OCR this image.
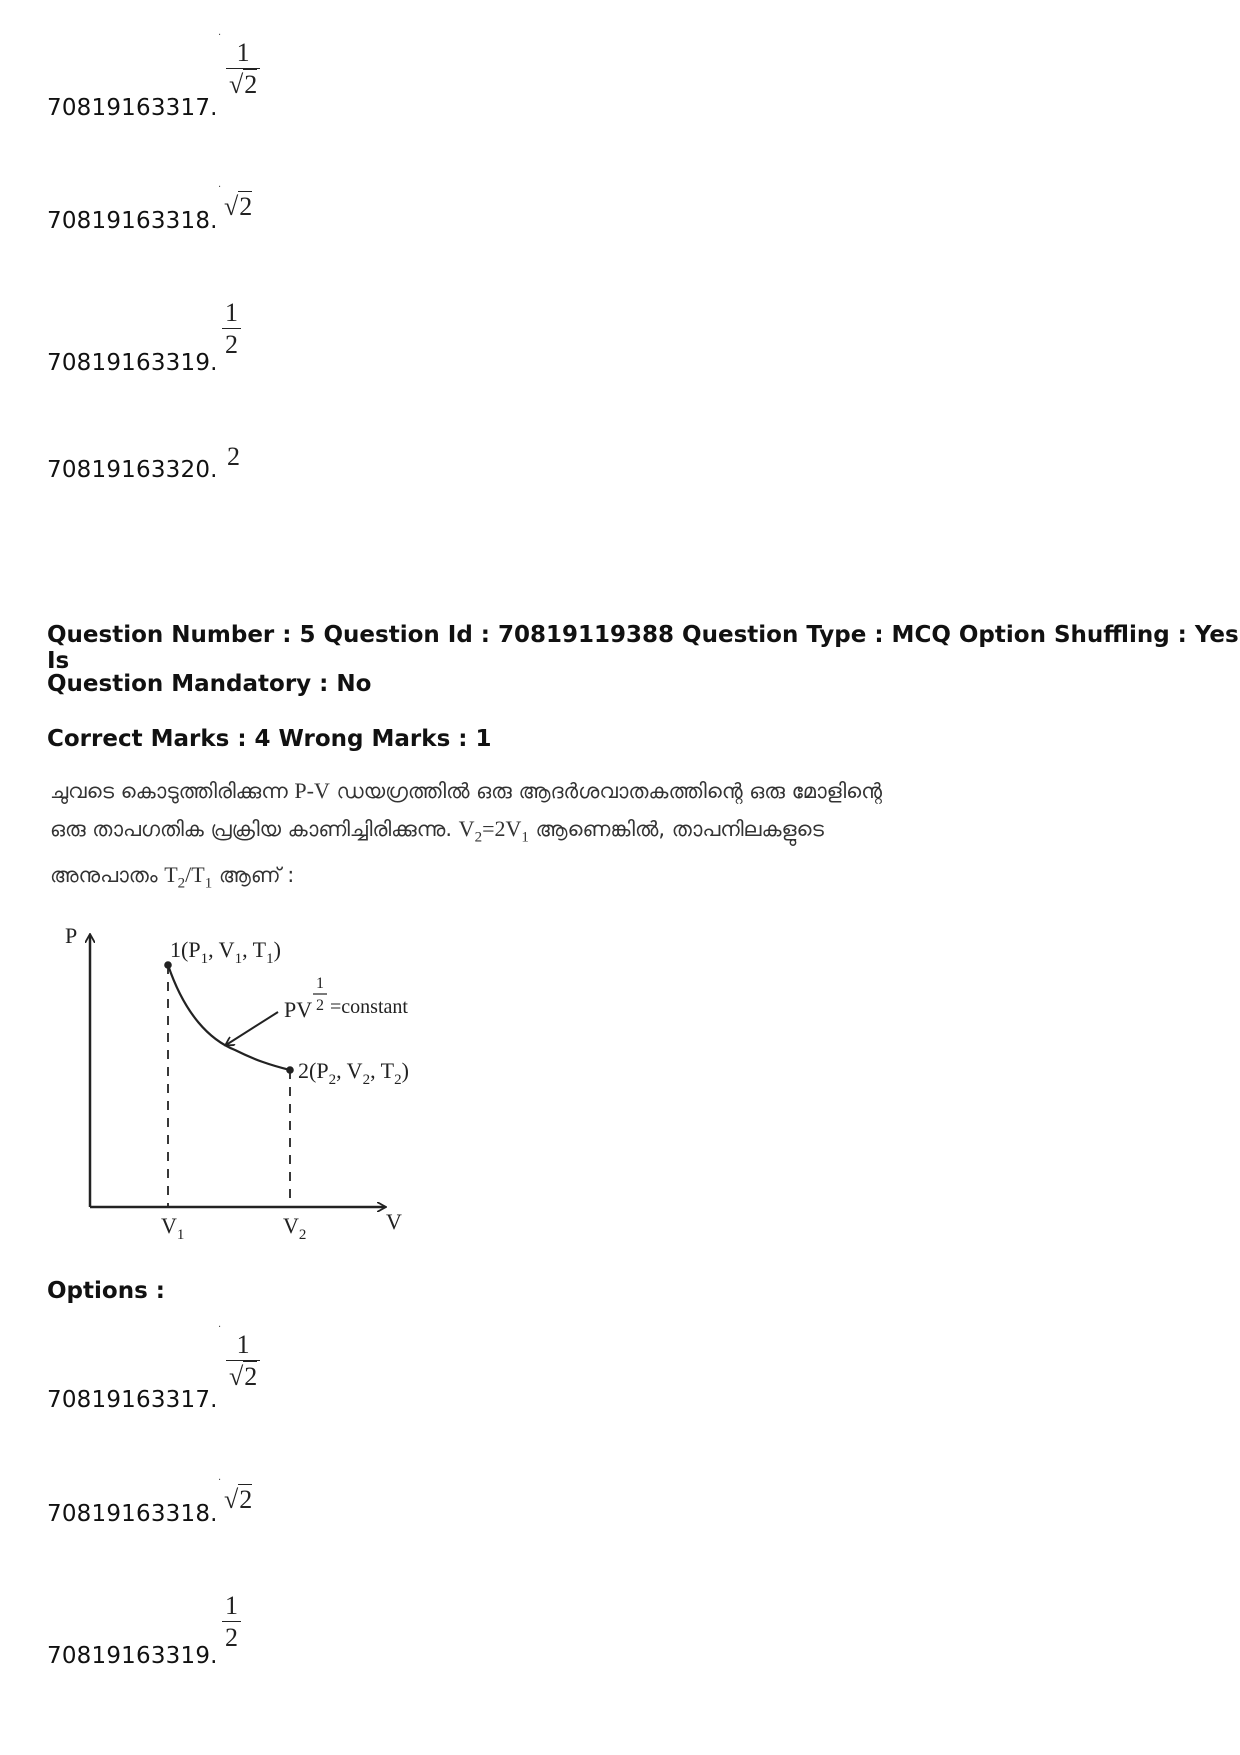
70819163317.
·
$\frac{1}{√2}$
70819163318.
·
√2
70819163319.
$\frac{1}{2}$
70819163320. 2
Question Number : 5 Question Id : 70819119388 Question Type : MCQ Option Shuffling : Yes Is
Question Mandatory : No
Correct Marks : 4 Wrong Marks : 1
ചുവടെ കൊടുത്തിരിക്കുന്ന P-V ഡയഗ്രത്തിൽ ഒരു ആദർശവാതകത്തിന്റെ ഒരു മോളിന്റെ
ഒരു താപഗതിക പ്രക്രിയ കാണിച്ചിരിക്കുന്നു. $V_2=2V_1$ ആണെങ്കിൽ, താപനിലകളുടെ
അനുപാതം $T_2/T_1$ ആണ് :
P
V
$V_1$	$V_2$
$1(P_1$, $V_1$, $T_1$)
$2(P_2$, $V_2$, $T_2$)
PV
1
2 =constant
Options :
70819163317.
·
$\frac{1}{√2}$
70819163318.
·
√2
70819163319.
$\frac{1}{2}$
